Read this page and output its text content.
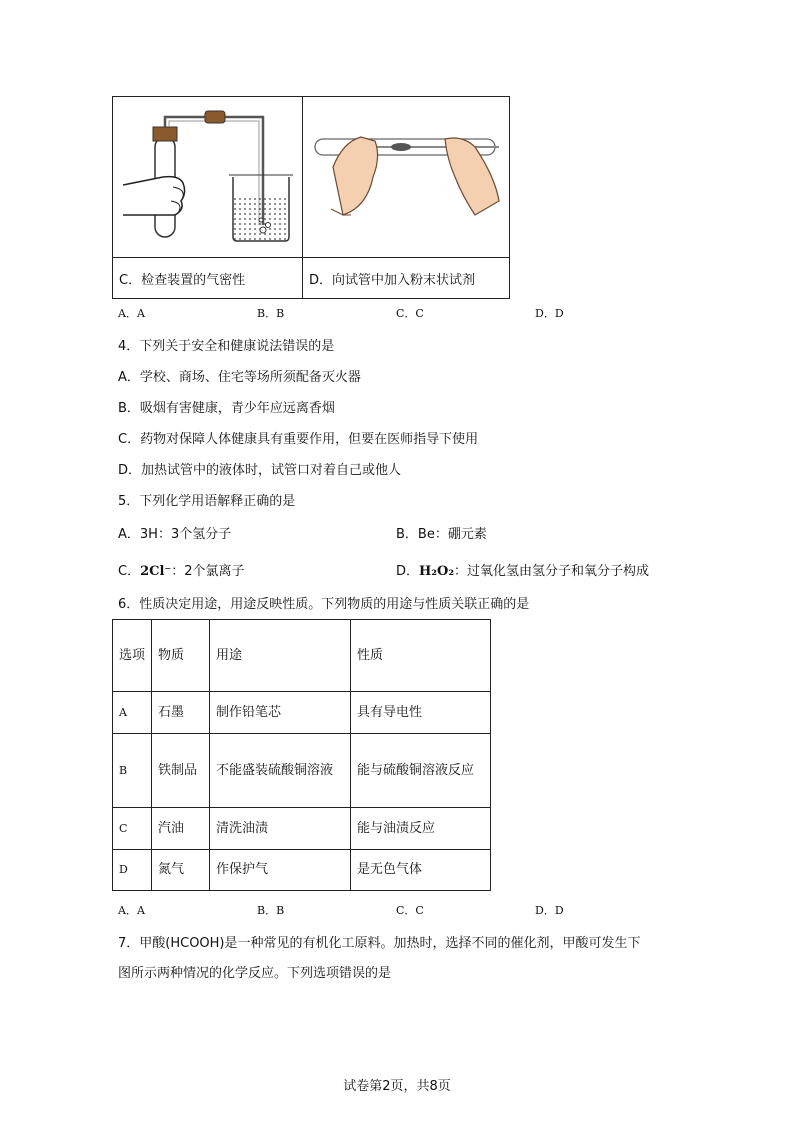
C．检查装置的气密性	D．向试管中加入粉末状试剂
A．A	B．B	C．C	D．D
4．下列关于安全和健康说法错误的是
A．学校、商场、住宅等场所须配备灭火器
B．吸烟有害健康，青少年应远离香烟
C．药物对保障人体健康具有重要作用，但要在医师指导下使用
D．加热试管中的液体时，试管口对着自己或他人
5．下列化学用语解释正确的是
A．3H：3个氢分子	B．Be：硼元素
C．2Cl⁻：2个氯离子	D．H₂O₂：过氧化氢由氢分子和氧分子构成
6．性质决定用途，用途反映性质。下列物质的用途与性质关联正确的是
选项	物质	用途	性质
A	石墨	制作铅笔芯	具有导电性
B	铁制品	不能盛装硫酸铜溶液	能与硫酸铜溶液反应
C	汽油	清洗油渍	能与油渍反应
D	氮气	作保护气	是无色气体
A．A	B．B	C．C	D．D
7．甲酸(HCOOH)是一种常见的有机化工原料。加热时，选择不同的催化剂，甲酸可发生下
图所示两种情况的化学反应。下列选项错误的是
试卷第2页，共8页
